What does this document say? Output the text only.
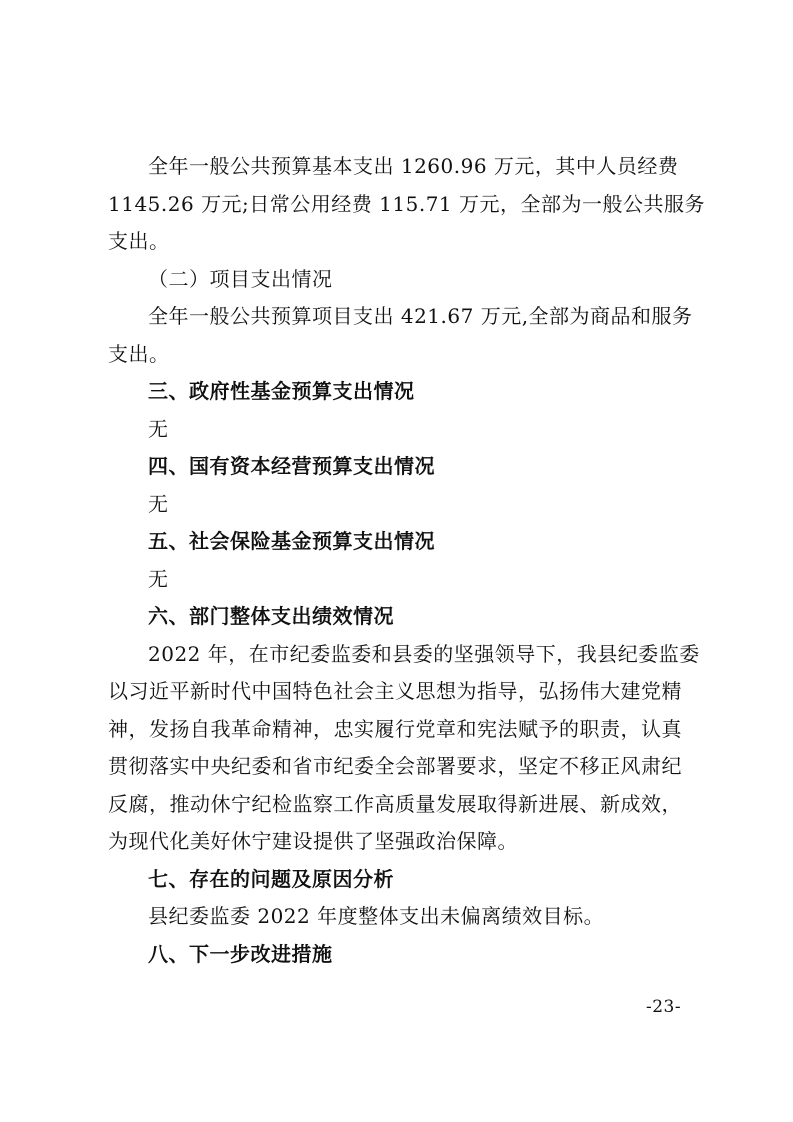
全年一般公共预算基本支出 1260.96 万元，其中人员经费
1145.26 万元;日常公用经费 115.71 万元，全部为一般公共服务
支出。
（二）项目支出情况
全年一般公共预算项目支出 421.67 万元,全部为商品和服务
支出。
三、政府性基金预算支出情况
无
四、国有资本经营预算支出情况
无
五、社会保险基金预算支出情况
无
六、部门整体支出绩效情况
2022 年，在市纪委监委和县委的坚强领导下，我县纪委监委
以习近平新时代中国特色社会主义思想为指导，弘扬伟大建党精
神，发扬自我革命精神，忠实履行党章和宪法赋予的职责，认真
贯彻落实中央纪委和省市纪委全会部署要求，坚定不移正风肃纪
反腐，推动休宁纪检监察工作高质量发展取得新进展、新成效，
为现代化美好休宁建设提供了坚强政治保障。
七、存在的问题及原因分析
县纪委监委 2022 年度整体支出未偏离绩效目标。
八、下一步改进措施
-23-
